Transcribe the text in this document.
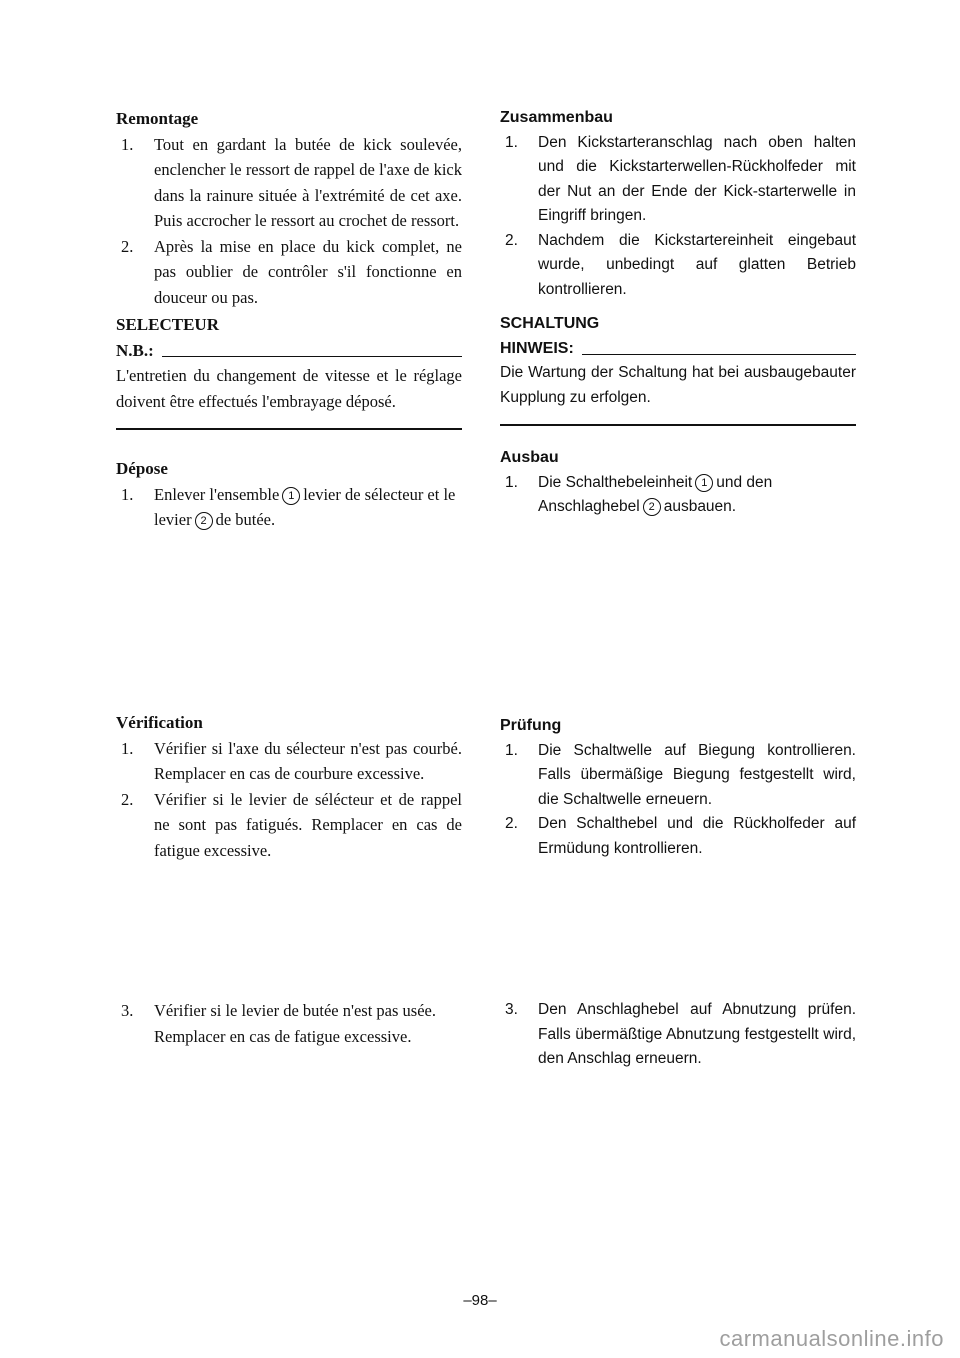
Remontage

1. Tout en gardant la butée de kick soulevée, enclencher le ressort de rappel de l'axe de kick dans la rainure située à l'extrémité de cet axe. Puis accrocher le ressort au crochet de ressort.
2. Après la mise en place du kick complet, ne pas oublier de contrôler s'il fonctionne en douceur ou pas.

SELECTEUR

N.B.:

L'entretien du changement de vitesse et le réglage doivent être effectués l'embrayage déposé.

Dépose

1. Enlever l'ensemble 1 levier de sélecteur et le levier 2 de butée.

Vérification

1. Vérifier si l'axe du sélecteur n'est pas courbé. Remplacer en cas de courbure excessive.
2. Vérifier si le levier de sélécteur et de rappel ne sont pas fatigués. Remplacer en cas de fatigue excessive.
3. Vérifier si le levier de butée n'est pas usée. Remplacer en cas de fatigue excessive.

Zusammenbau

1. Den Kickstarteranschlag nach oben halten und die Kickstarterwellen-Rückholfeder mit der Nut an der Ende der Kick-starterwelle in Eingriff bringen.
2. Nachdem die Kickstartereinheit eingebaut wurde, unbedingt auf glatten Betrieb kontrollieren.

SCHALTUNG

HINWEIS:

Die Wartung der Schaltung hat bei ausbaugebauter Kupplung zu erfolgen.

Ausbau

1. Die Schalthebeleinheit 1 und den Anschlaghebel 2 ausbauen.

Prüfung

1. Die Schaltwelle auf Biegung kontrollieren. Falls übermäßige Biegung festgestellt wird, die Schaltwelle erneuern.
2. Den Schalthebel und die Rückholfeder auf Ermüdung kontrollieren.
3. Den Anschlaghebel auf Abnutzung prüfen. Falls übermäßtige Abnutzung festgestellt wird, den Anschlag erneuern.
–98–
carmanualsonline.info
